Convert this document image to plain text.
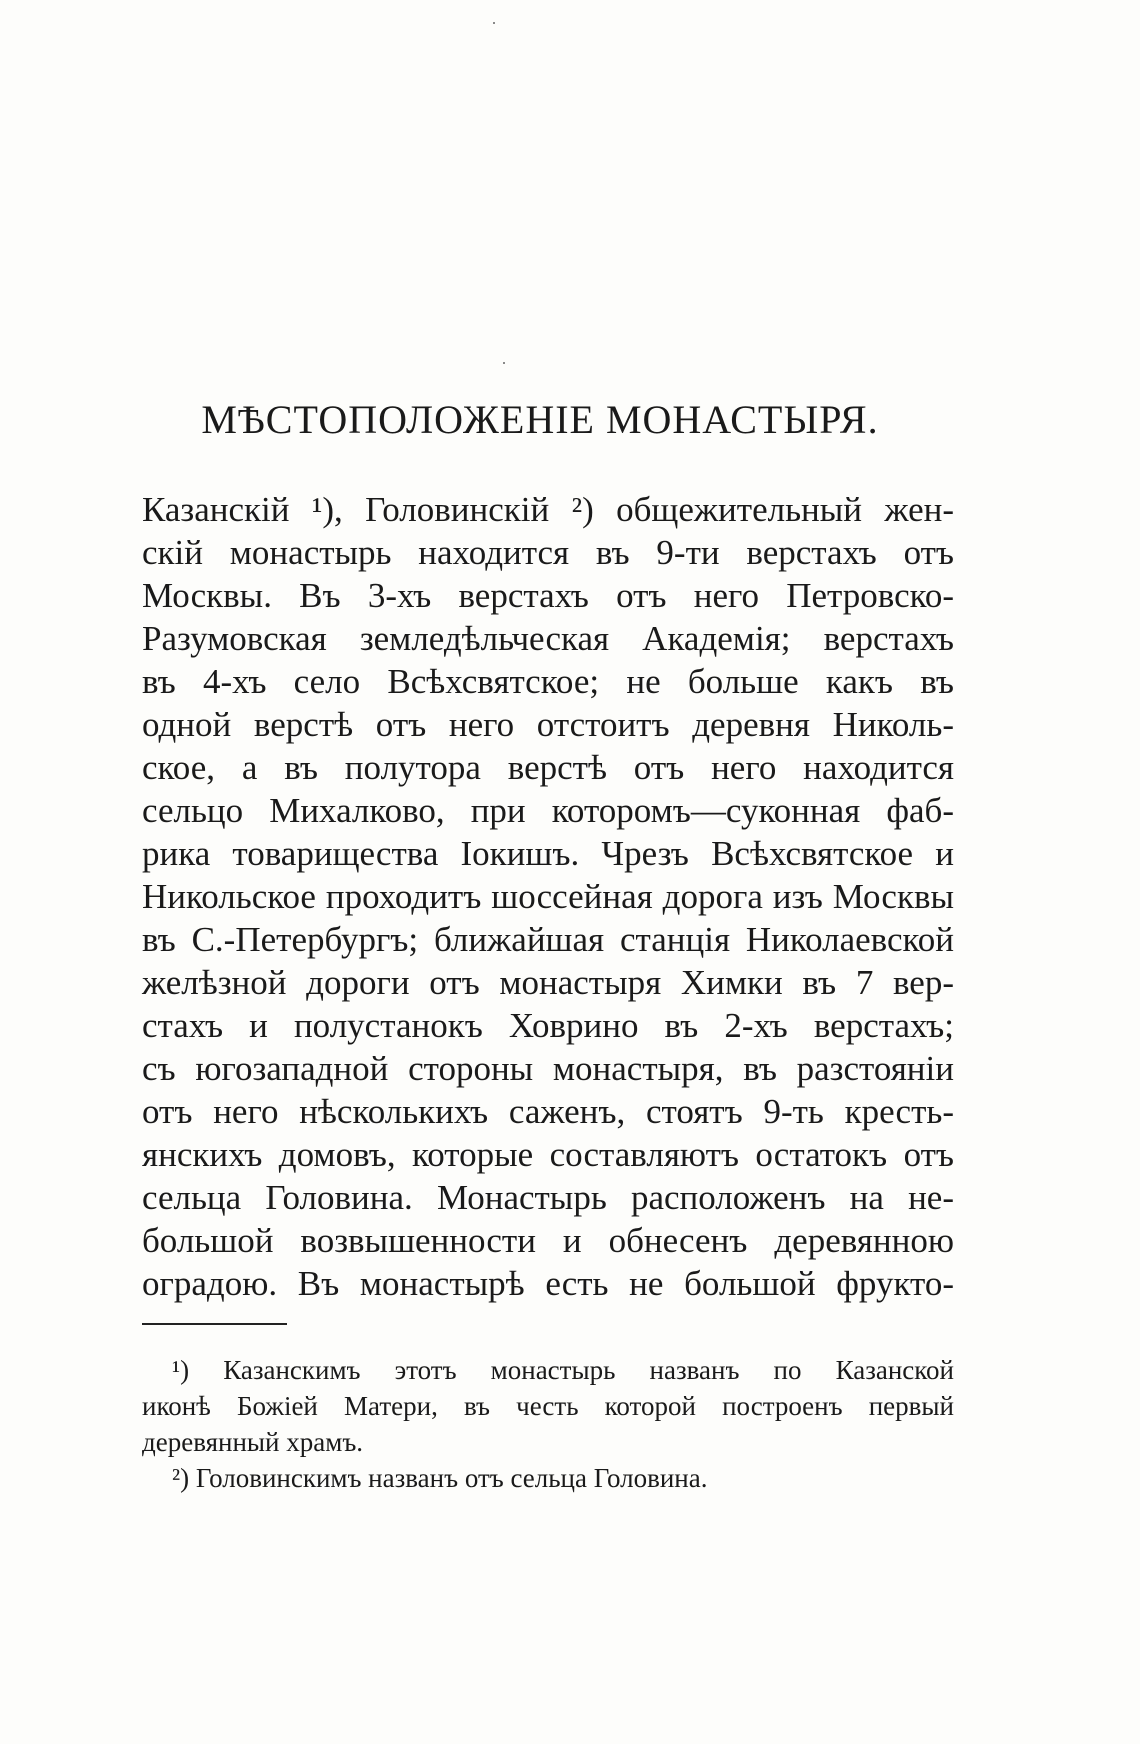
МѢСТОПОЛОЖЕНІЕ МОНАСТЫРЯ.
Казанскій ¹), Головинскій ²) общежительный жен-
скій монастырь находится въ 9-ти верстахъ отъ
Москвы. Въ 3-хъ верстахъ отъ него Петровско-
Разумовская земледѣльческая Академія; верстахъ
въ 4-хъ село Всѣхсвятское; не больше какъ въ
одной верстѣ отъ него отстоитъ деревня Николь-
ское, а въ полутора верстѣ отъ него находится
сельцо Михалково, при которомъ—суконная фаб-
рика товарищества Іокишъ. Чрезъ Всѣхсвятское и
Никольское проходитъ шоссейная дорога изъ Москвы
въ С.-Петербургъ; ближайшая станція Николаевской
желѣзной дороги отъ монастыря Химки въ 7 вер-
стахъ и полустанокъ Ховрино въ 2-хъ верстахъ;
съ югозападной стороны монастыря, въ разстояніи
отъ него нѣсколькихъ саженъ, стоятъ 9-ть кресть-
янскихъ домовъ, которые составляютъ остатокъ отъ
сельца Головина. Монастырь расположенъ на не-
большой возвышенности и обнесенъ деревянною
оградою. Въ монастырѣ есть не большой фрукто-
¹) Казанскимъ этотъ монастырь названъ по Казанской
иконѣ Божіей Матери, въ честь которой построенъ первый
деревянный храмъ.
²) Головинскимъ названъ отъ сельца Головина.
